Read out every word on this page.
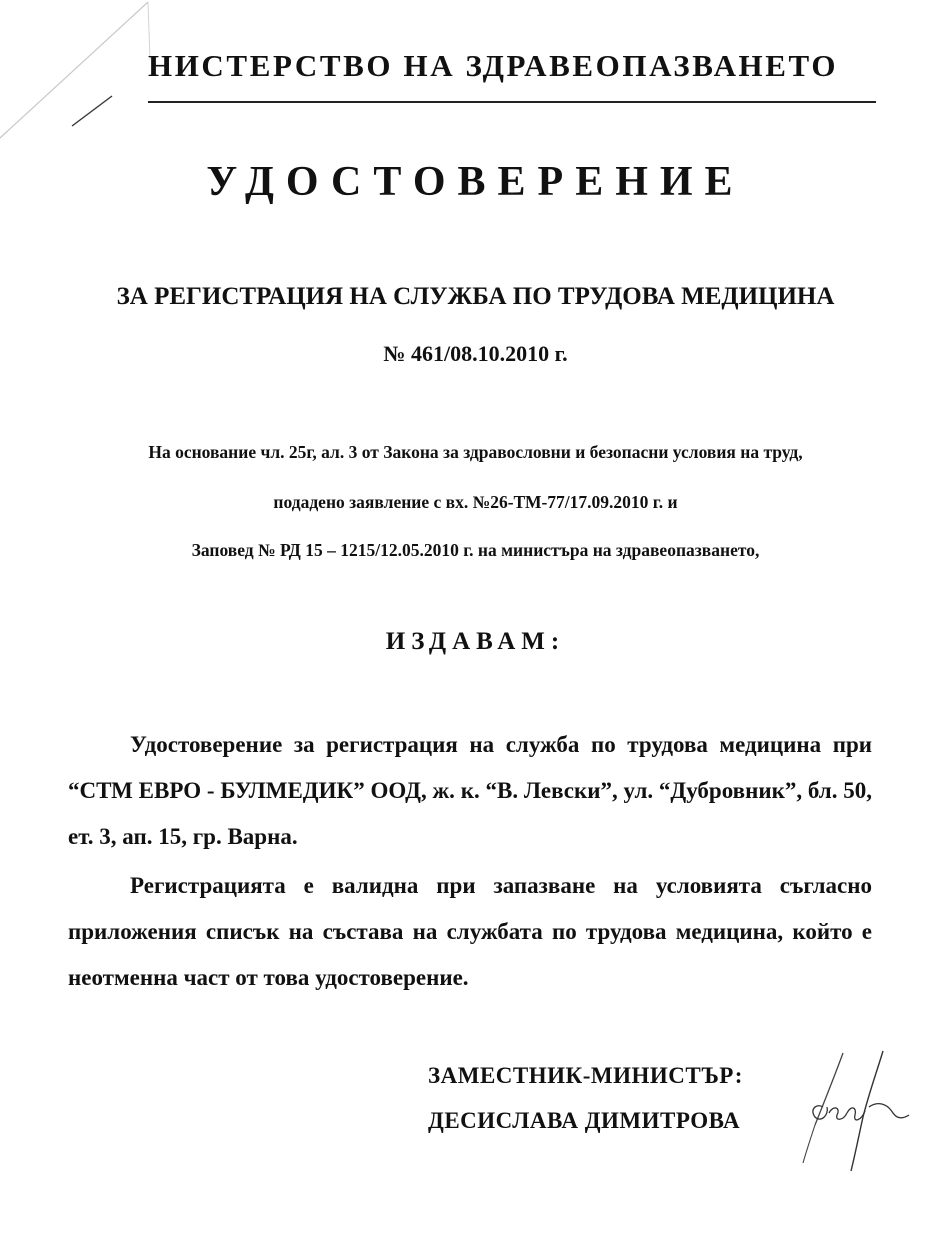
НИСТЕРСТВО НА ЗДРАВЕОПАЗВАНЕТО
УДОСТОВЕРЕНИЕ
ЗА РЕГИСТРАЦИЯ НА СЛУЖБА ПО ТРУДОВА МЕДИЦИНА
№ 461/08.10.2010 г.
На основание чл. 25г, ал. 3 от Закона за здравословни и безопасни условия на труд,
подадено заявление с вх. №26-ТМ-77/17.09.2010 г. и
Заповед № РД 15 – 1215/12.05.2010 г. на министъра на здравеопазването,
ИЗДАВАМ:

Удостоверение за регистрация на служба по трудова медицина при “СТМ ЕВРО - БУЛМЕДИК” ООД, ж. к. “В. Левски”, ул. “Дубровник”, бл. 50, ет. 3, ап. 15, гр. Варна.

Регистрацията е валидна при запазване на условията съгласно приложения списък на състава на службата по трудова медицина, който е неотменна част от това удостоверение.

ЗАМЕСТНИК-МИНИСТЪР:
ДЕСИСЛАВА ДИМИТРОВА
